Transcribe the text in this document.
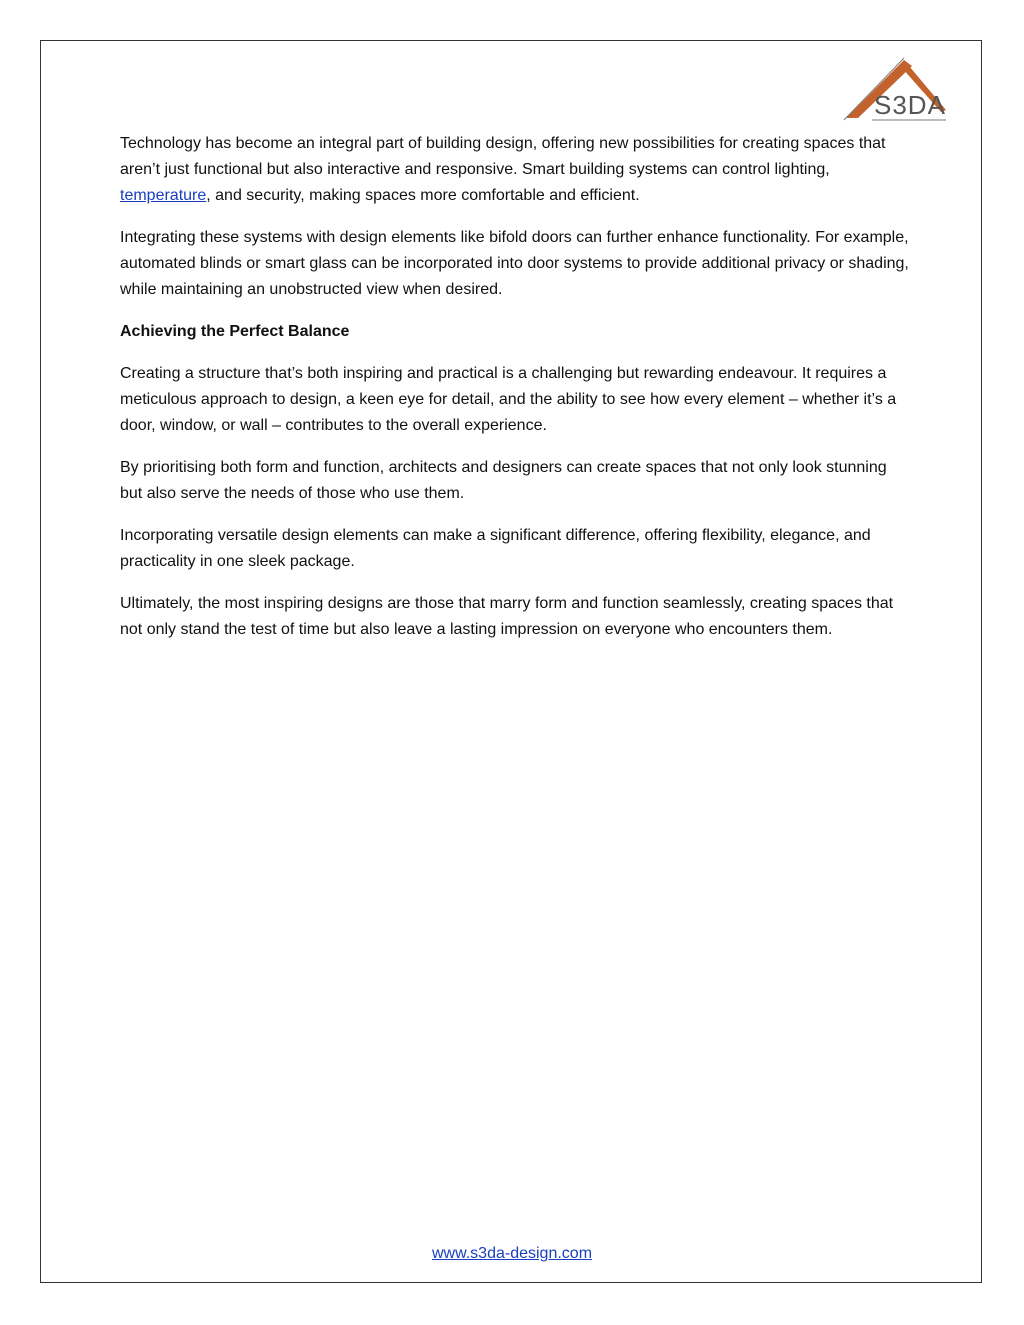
S3DA

Technology has become an integral part of building design, offering new possibilities for creating spaces that aren’t just functional but also interactive and responsive. Smart building systems can control lighting, temperature, and security, making spaces more comfortable and efficient.

Integrating these systems with design elements like bifold doors can further enhance functionality. For example, automated blinds or smart glass can be incorporated into door systems to provide additional privacy or shading, while maintaining an unobstructed view when desired.

Achieving the Perfect Balance

Creating a structure that’s both inspiring and practical is a challenging but rewarding endeavour. It requires a meticulous approach to design, a keen eye for detail, and the ability to see how every element – whether it’s a door, window, or wall – contributes to the overall experience.

By prioritising both form and function, architects and designers can create spaces that not only look stunning but also serve the needs of those who use them.

Incorporating versatile design elements can make a significant difference, offering flexibility, elegance, and practicality in one sleek package.

Ultimately, the most inspiring designs are those that marry form and function seamlessly, creating spaces that not only stand the test of time but also leave a lasting impression on everyone who encounters them.

www.s3da-design.com
